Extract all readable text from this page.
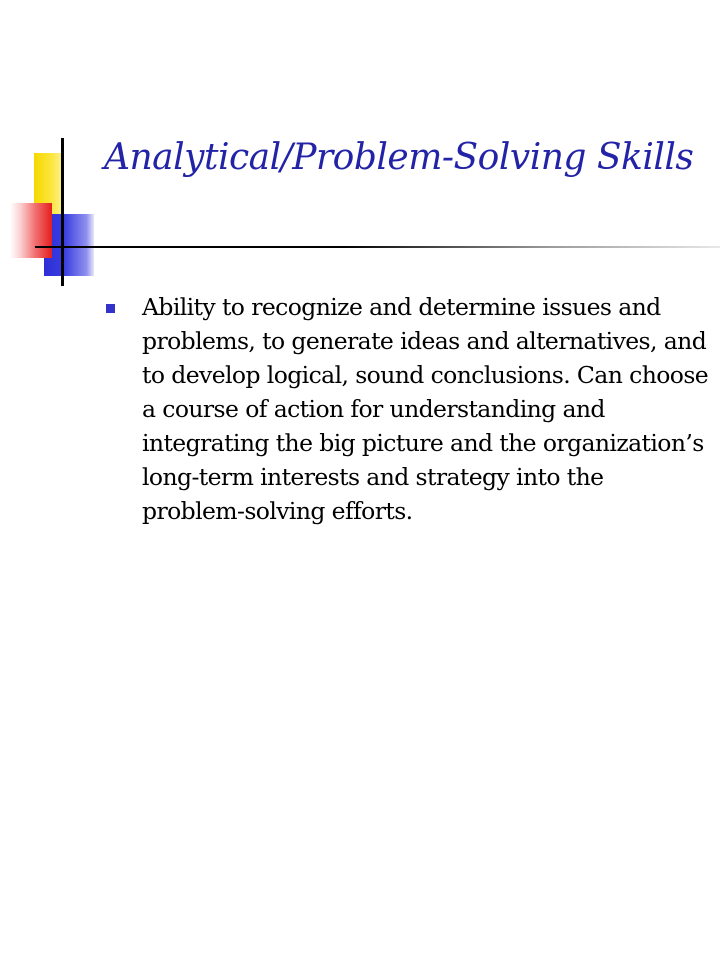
Analytical/Problem-Solving Skills
Ability to recognize and determine issues and problems, to generate ideas and alternatives, and to develop logical, sound conclusions. Can choose a course of action for understanding and integrating the big picture and the organization’s long-term interests and strategy into the problem-solving efforts.
